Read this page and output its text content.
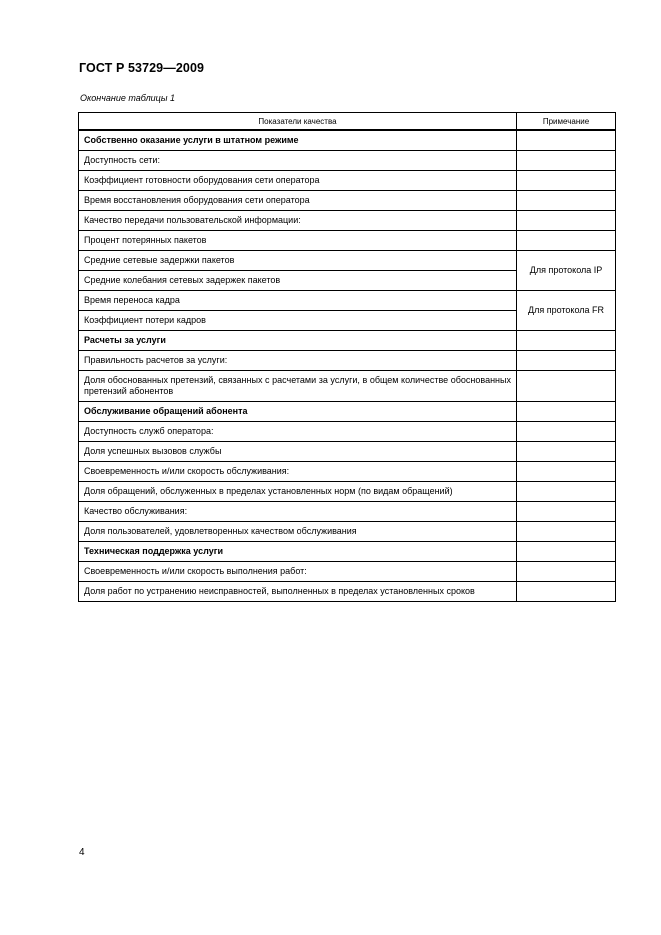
ГОСТ Р 53729—2009
Окончание таблицы 1
Показатели качества	Примечание
Собственно оказание услуги в штатном режиме	
Доступность сети:	
Коэффициент готовности оборудования сети оператора	
Время восстановления оборудования сети оператора	
Качество передачи пользовательской информации:	
Процент потерянных пакетов	
Средние сетевые задержки пакетов	Для протокола IP
Средние колебания сетевых задержек пакетов	
Время переноса кадра	Для протокола FR
Коэффициент потери кадров	
Расчеты за услуги	
Правильность расчетов за услуги:	
Доля обоснованных претензий, связанных с расчетами за услуги, в общем количестве обоснованных претензий абонентов	
Обслуживание обращений абонента	
Доступность служб оператора:	
Доля успешных вызовов службы	
Своевременность и/или скорость обслуживания:	
Доля обращений, обслуженных в пределах установленных норм (по видам обращений)	
Качество обслуживания:	
Доля пользователей, удовлетворенных качеством обслуживания	
Техническая поддержка услуги	
Своевременность и/или скорость выполнения работ:	
Доля работ по устранению неисправностей, выполненных в пределах установленных сроков	
4
